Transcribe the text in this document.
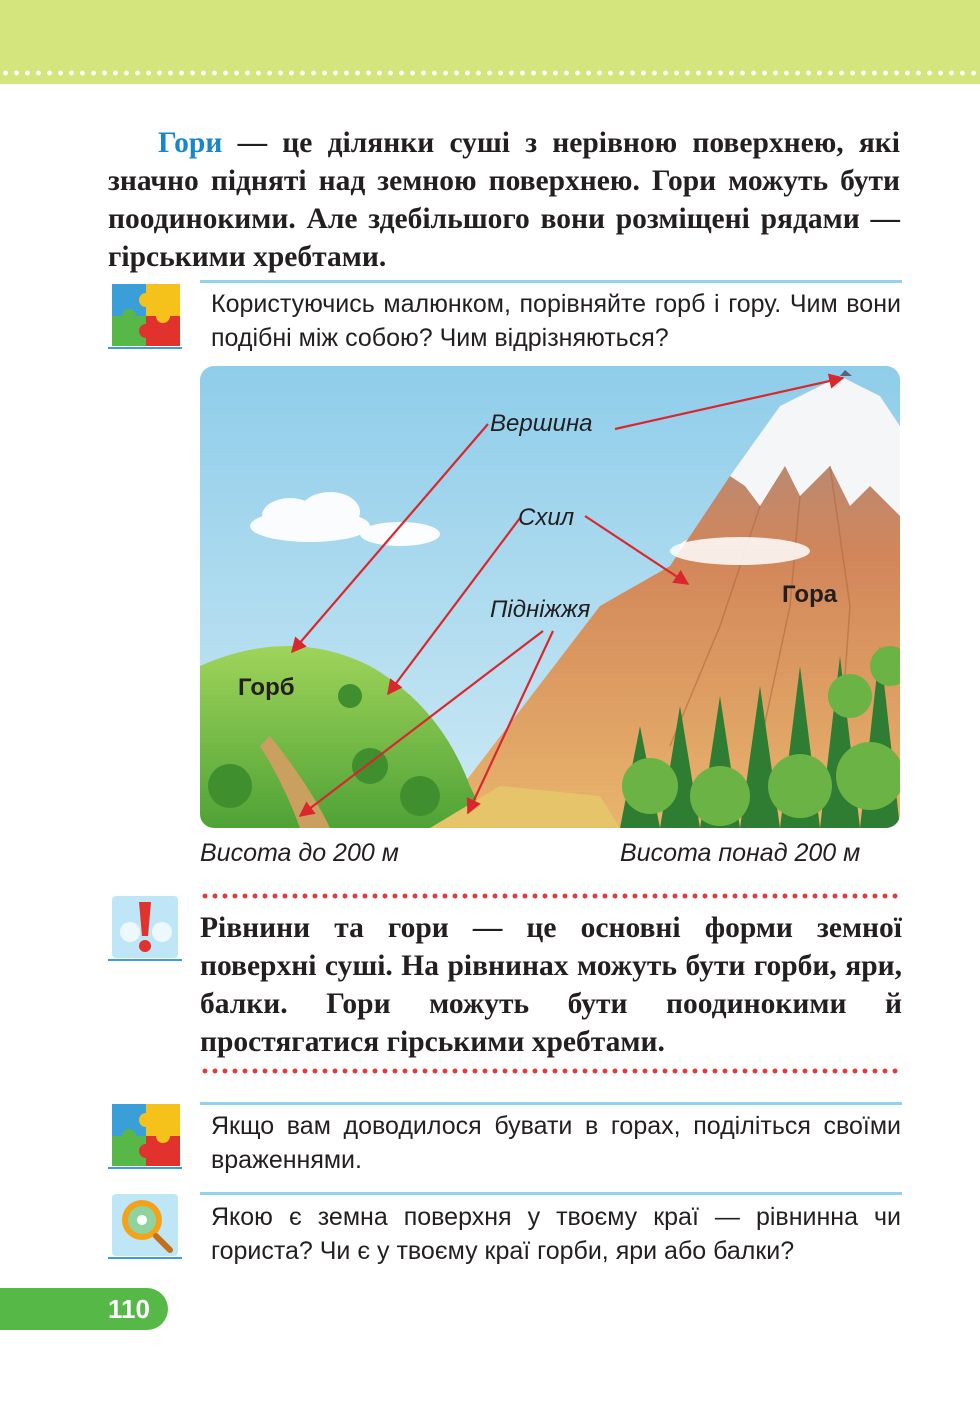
Гори — це ділянки суші з нерівною поверхнею, які значно підняті над земною поверхнею. Гори можуть бути поодинокими. Але здебільшого вони розміщені рядами — гірськими хребтами.

Користуючись малюнком, порівняйте горб і гору. Чим вони подібні між собою? Чим відрізняються?

Вершина
Схил
Підніжжя
Горб
Гора
Висота до 200 м	Висота понад 200 м

Рівнини та гори — це основні форми земної поверхні суші. На рівнинах можуть бути горби, яри, балки. Гори можуть бути поодинокими й простягатися гірськими хребтами.

Якщо вам доводилося бувати в горах, поділіться своїми враженнями.

Якою є земна поверхня у твоєму краї — рівнинна чи гориста? Чи є у твоєму краї горби, яри або балки?

110
